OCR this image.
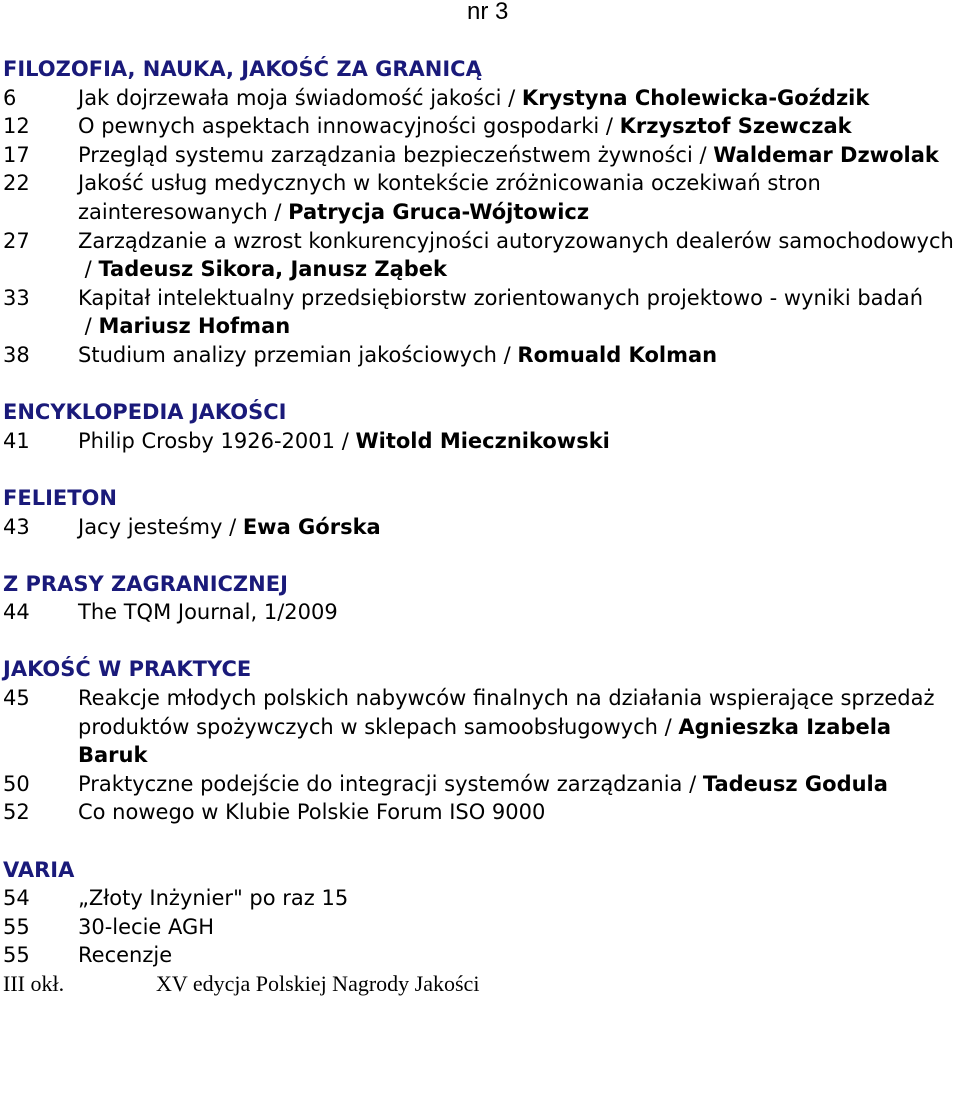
nr 3
FILOZOFIA, NAUKA, JAKOŚĆ ZA GRANICĄ
6	Jak dojrzewała moja świadomość jakości / Krystyna Cholewicka-Goździk
12	O pewnych aspektach innowacyjności gospodarki / Krzysztof Szewczak
17	Przegląd systemu zarządzania bezpieczeństwem żywności / Waldemar Dzwolak
22	Jakość usług medycznych w kontekście zróżnicowania oczekiwań stron zainteresowanych / Patrycja Gruca-Wójtowicz
27	Zarządzanie a wzrost konkurencyjności autoryzowanych dealerów samochodowych / Tadeusz Sikora, Janusz Ząbek
33	Kapitał intelektualny przedsiębiorstw zorientowanych projektowo - wyniki badań / Mariusz Hofman
38	Studium analizy przemian jakościowych / Romuald Kolman
ENCYKLOPEDIA JAKOŚCI
41	Philip Crosby 1926-2001 / Witold Miecznikowski
FELIETON
43	Jacy jesteśmy / Ewa Górska
Z PRASY ZAGRANICZNEJ
44	The TQM Journal, 1/2009
JAKOŚĆ W PRAKTYCE
45	Reakcje młodych polskich nabywców finalnych na działania wspierające sprzedaż produktów spożywczych w sklepach samoobsługowych / Agnieszka Izabela Baruk
50	Praktyczne podejście do integracji systemów zarządzania / Tadeusz Godula
52	Co nowego w Klubie Polskie Forum ISO 9000
VARIA
54	„Złoty Inżynier" po raz 15
55	30-lecie AGH
55	Recenzje
III okł.	XV edycja Polskiej Nagrody Jakości
